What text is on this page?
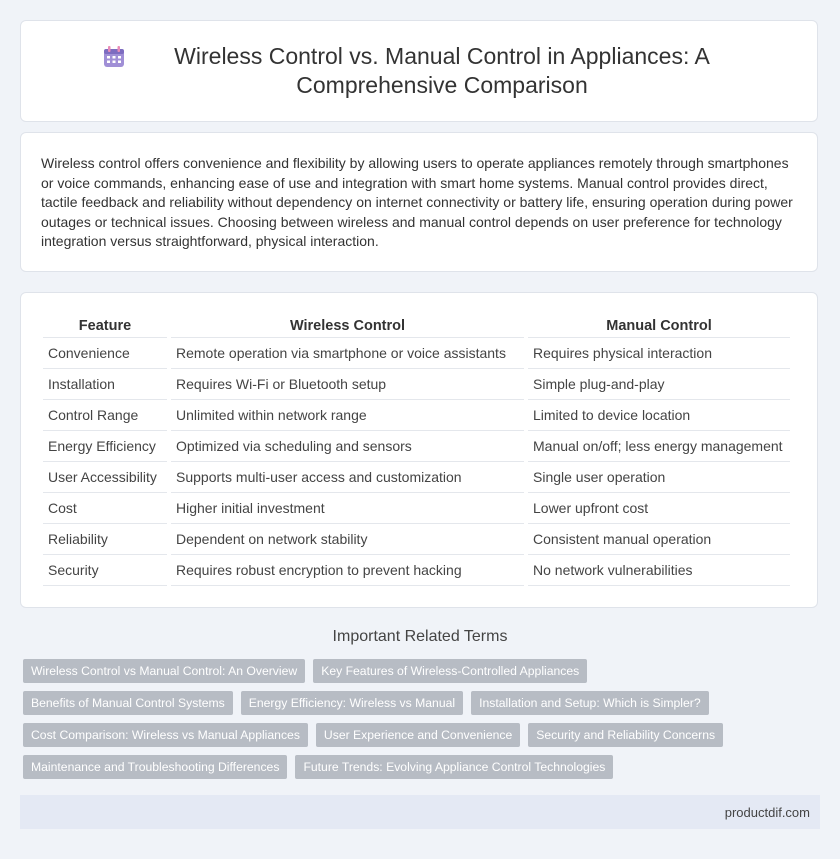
Wireless Control vs. Manual Control in Appliances: A Comprehensive Comparison

Wireless control offers convenience and flexibility by allowing users to operate appliances remotely through smartphones or voice commands, enhancing ease of use and integration with smart home systems. Manual control provides direct, tactile feedback and reliability without dependency on internet connectivity or battery life, ensuring operation during power outages or technical issues. Choosing between wireless and manual control depends on user preference for technology integration versus straightforward, physical interaction.

Feature	Wireless Control	Manual Control
Convenience	Remote operation via smartphone or voice assistants	Requires physical interaction
Installation	Requires Wi-Fi or Bluetooth setup	Simple plug-and-play
Control Range	Unlimited within network range	Limited to device location
Energy Efficiency	Optimized via scheduling and sensors	Manual on/off; less energy management
User Accessibility	Supports multi-user access and customization	Single user operation
Cost	Higher initial investment	Lower upfront cost
Reliability	Dependent on network stability	Consistent manual operation
Security	Requires robust encryption to prevent hacking	No network vulnerabilities
Important Related Terms
Wireless Control vs Manual Control: An Overview	Key Features of Wireless-Controlled Appliances
Benefits of Manual Control Systems	Energy Efficiency: Wireless vs Manual	Installation and Setup: Which is Simpler?
Cost Comparison: Wireless vs Manual Appliances	User Experience and Convenience	Security and Reliability Concerns
Maintenance and Troubleshooting Differences	Future Trends: Evolving Appliance Control Technologies
productdif.com
